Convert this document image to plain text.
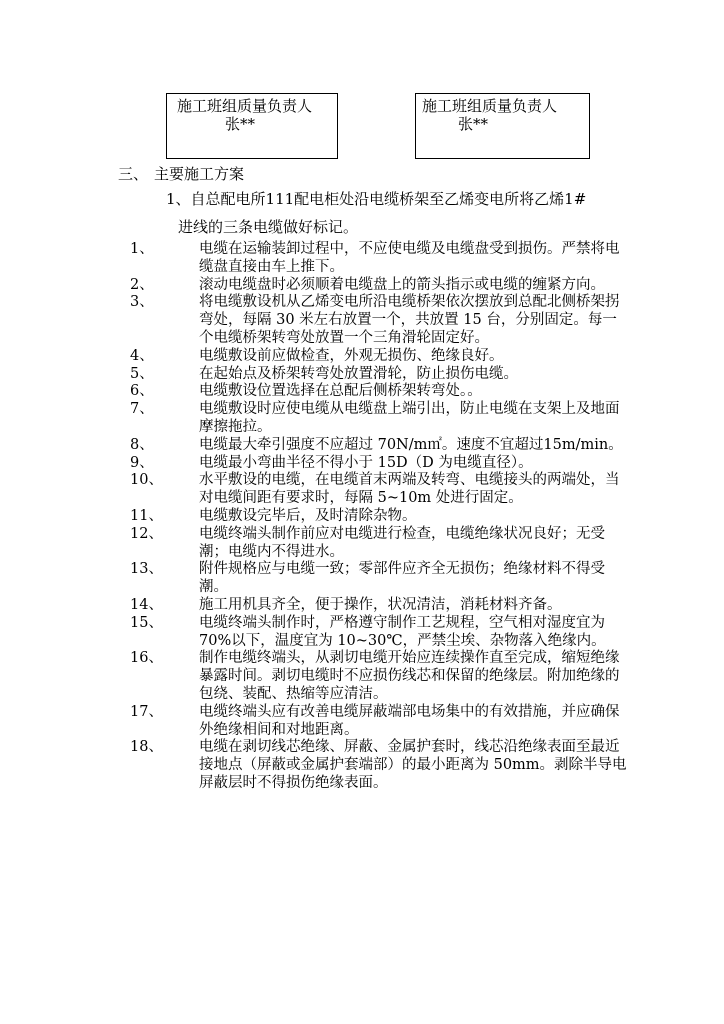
施工班组质量负责人
张**
施工班组质量负责人
张**
三、 主要施工方案
1、自总配电所111配电柜处沿电缆桥架至乙烯变电所将乙烯1#
进线的三条电缆做好标记。
1、	电缆在运输装卸过程中，不应使电缆及电缆盘受到损伤。严禁将电缆盘直接由车上推下。
2、	滚动电缆盘时必须顺着电缆盘上的箭头指示或电缆的缠紧方向。
3、	将电缆敷设机从乙烯变电所沿电缆桥架依次摆放到总配北侧桥架拐弯处，每隔 30 米左右放置一个，共放置 15 台，分别固定。每一个电缆桥架转弯处放置一个三角滑轮固定好。
4、	电缆敷设前应做检查，外观无损伤、绝缘良好。
5、	在起始点及桥架转弯处放置滑轮，防止损伤电缆。
6、	电缆敷设位置选择在总配后侧桥架转弯处。。
7、	电缆敷设时应使电缆从电缆盘上端引出，防止电缆在支架上及地面摩擦拖拉。
8、	电缆最大牵引强度不应超过 70N/m㎡。速度不宜超过15m/min。
9、	电缆最小弯曲半径不得小于 15D（D 为电缆直径）。
10、	水平敷设的电缆，在电缆首末两端及转弯、电缆接头的两端处，当对电缆间距有要求时，每隔 5~10m 处进行固定。
11、	电缆敷设完毕后，及时清除杂物。
12、	电缆终端头制作前应对电缆进行检查，电缆绝缘状况良好；无受潮；电缆内不得进水。
13、	附件规格应与电缆一致；零部件应齐全无损伤；绝缘材料不得受潮。
14、	施工用机具齐全，便于操作，状况清洁，消耗材料齐备。
15、	电缆终端头制作时，严格遵守制作工艺规程，空气相对湿度宜为 70%以下，温度宜为 10~30℃，严禁尘埃、杂物落入绝缘内。
16、	制作电缆终端头，从剥切电缆开始应连续操作直至完成，缩短绝缘暴露时间。剥切电缆时不应损伤线芯和保留的绝缘层。附加绝缘的包绕、装配、热缩等应清洁。
17、	电缆终端头应有改善电缆屏蔽端部电场集中的有效措施，并应确保外绝缘相间和对地距离。
18、	电缆在剥切线芯绝缘、屏蔽、金属护套时，线芯沿绝缘表面至最近接地点（屏蔽或金属护套端部）的最小距离为 50mm。剥除半导电屏蔽层时不得损伤绝缘表面。
